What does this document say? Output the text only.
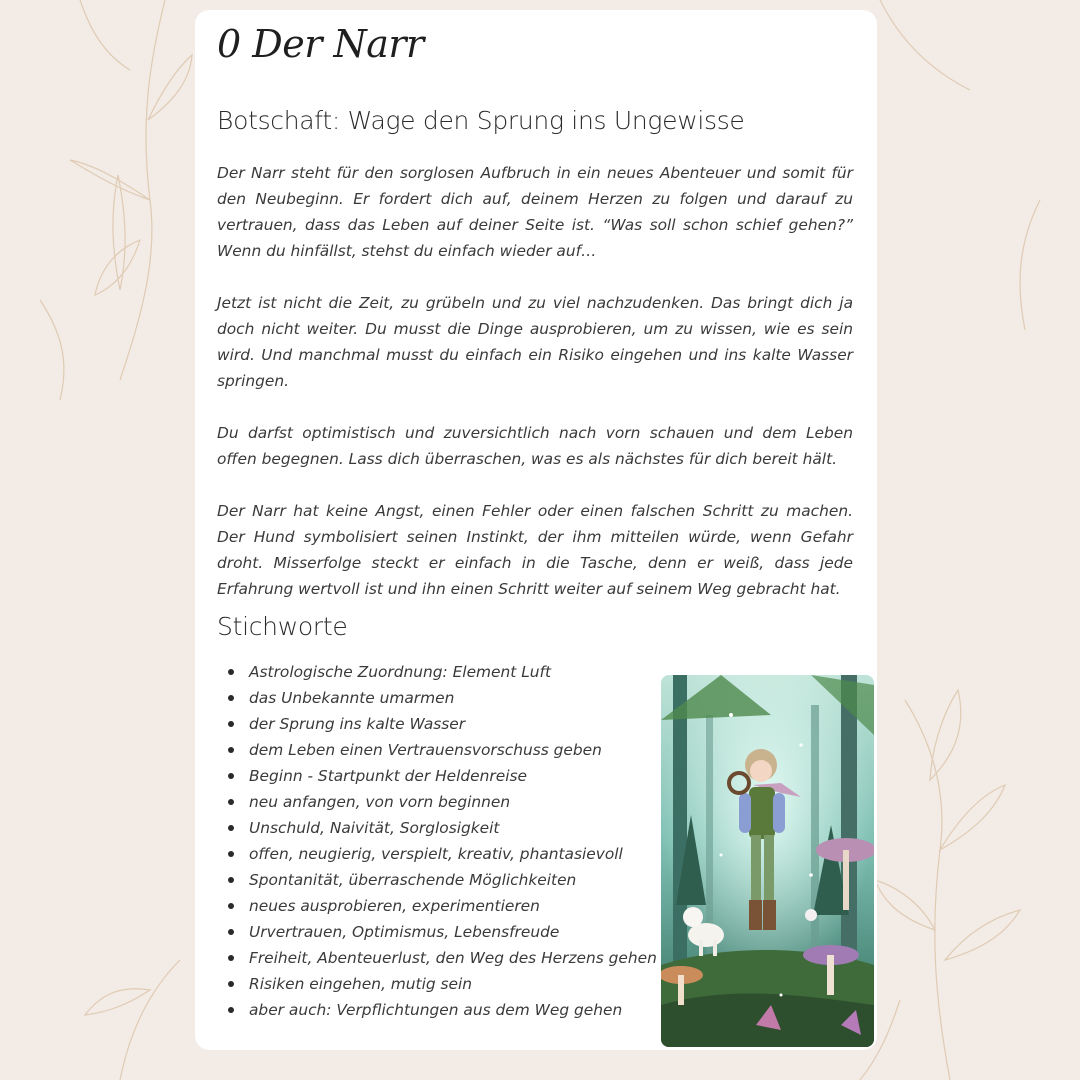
0 Der Narr
Botschaft: Wage den Sprung ins Ungewisse

Der Narr steht für den sorglosen Aufbruch in ein neues Abenteuer und somit für den Neubeginn. Er fordert dich auf, deinem Herzen zu folgen und darauf zu vertrauen, dass das Leben auf deiner Seite ist. “Was soll schon schief gehen?” Wenn du hinfällst, stehst du einfach wieder auf…

Jetzt ist nicht die Zeit, zu grübeln und zu viel nachzudenken. Das bringt dich ja doch nicht weiter. Du musst die Dinge ausprobieren, um zu wissen, wie es sein wird. Und manchmal musst du einfach ein Risiko eingehen und ins kalte Wasser springen.

Du darfst optimistisch und zuversichtlich nach vorn schauen und dem Leben offen begegnen. Lass dich überraschen, was es als nächstes für dich bereit hält.

Der Narr hat keine Angst, einen Fehler oder einen falschen Schritt zu machen. Der Hund symbolisiert seinen Instinkt, der ihm mitteilen würde, wenn Gefahr droht. Misserfolge steckt er einfach in die Tasche, denn er weiß, dass jede Erfahrung wertvoll ist und ihn einen Schritt weiter auf seinem Weg gebracht hat.

Stichworte
Astrologische Zuordnung: Element Luft
das Unbekannte umarmen
der Sprung ins kalte Wasser
dem Leben einen Vertrauensvorschuss geben
Beginn - Startpunkt der Heldenreise
neu anfangen, von vorn beginnen
Unschuld, Naivität, Sorglosigkeit
offen, neugierig, verspielt, kreativ, phantasievoll
Spontanität, überraschende Möglichkeiten
neues ausprobieren, experimentieren
Urvertrauen, Optimismus, Lebensfreude
Freiheit, Abenteuerlust, den Weg des Herzens gehen
Risiken eingehen, mutig sein
aber auch: Verpflichtungen aus dem Weg gehen
